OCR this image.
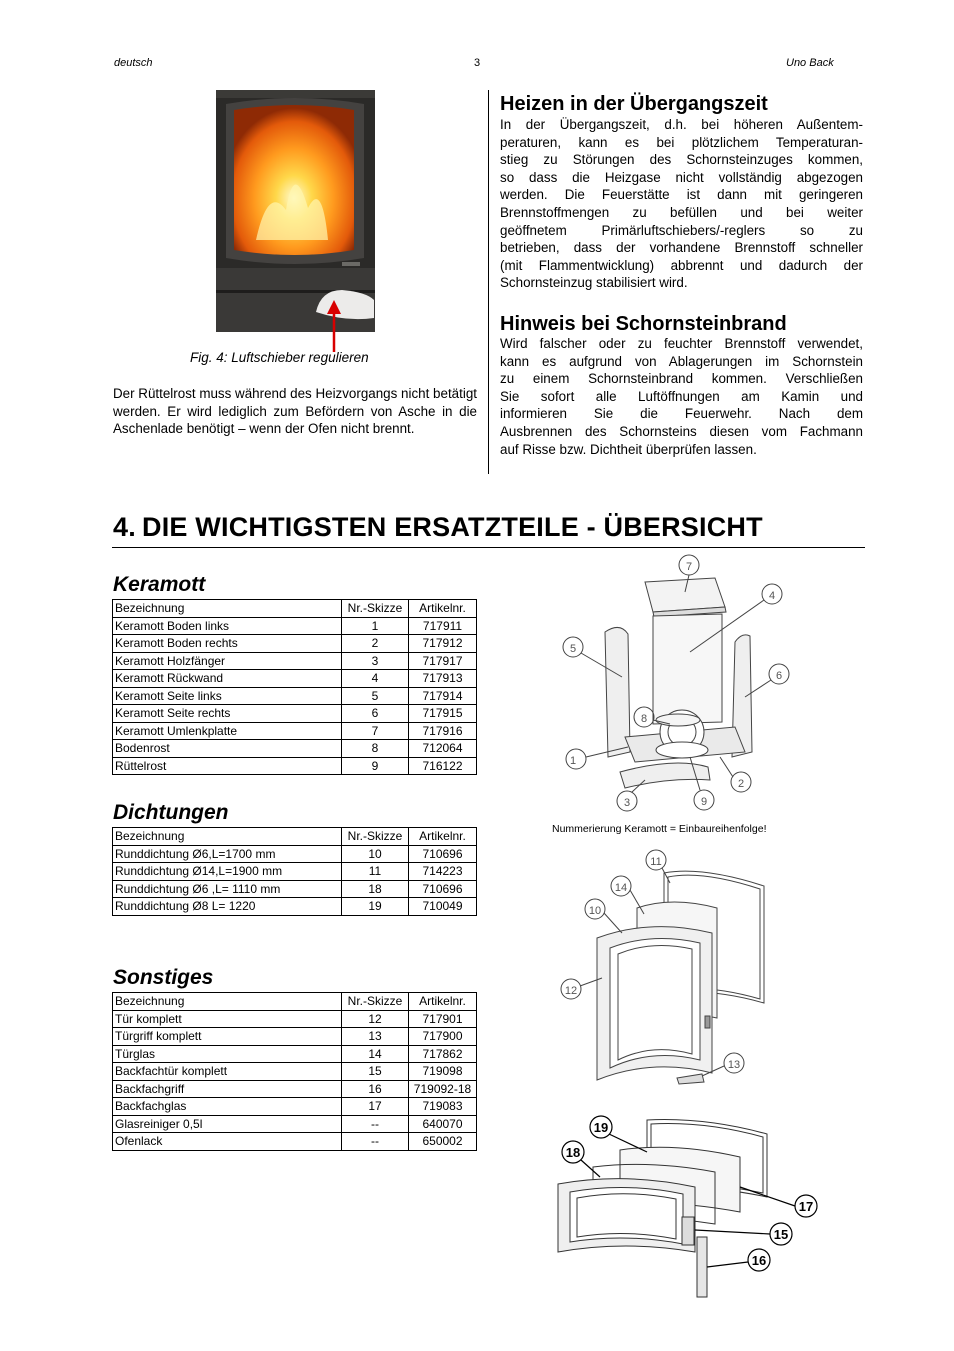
deutsch	3	Uno Back
Fig. 4: Luftschieber regulieren
Der Rüttelrost muss während des Heizvorgangs nicht betätigt werden. Er wird lediglich zum Befördern von Asche in die Aschenlade benötigt – wenn der Ofen nicht brennt.
Heizen in der Übergangszeit
In der Übergangszeit, d.h. bei höheren Außentem-
peraturen, kann es bei plötzlichem Temperaturan-
stieg zu Störungen des Schornsteinzuges kommen,
so dass die Heizgase nicht vollständig abgezogen
werden. Die Feuerstätte ist dann mit geringeren
Brennstoffmengen zu befüllen und bei weiter
geöffnetem Primärluftschiebers/-reglers so zu
betrieben, dass der vorhandene Brennstoff schneller
(mit Flammentwicklung) abbrennt und dadurch der
Schornsteinzug stabilisiert wird.
Hinweis bei Schornsteinbrand
Wird falscher oder zu feuchter Brennstoff verwendet,
kann es aufgrund von Ablagerungen im Schornstein
zu einem Schornsteinbrand kommen. Verschließen
Sie sofort alle Luftöffnungen am Kamin und
informieren Sie die Feuerwehr. Nach dem
Ausbrennen des Schornsteins diesen vom Fachmann
auf Risse bzw. Dichtheit überprüfen lassen.
4. DIE WICHTIGSTEN ERSATZTEILE - ÜBERSICHT
Keramott
Bezeichnung	Nr.-Skizze	Artikelnr.
Keramott Boden links	1	717911
Keramott Boden rechts	2	717912
Keramott Holzfänger	3	717917
Keramott Rückwand	4	717913
Keramott Seite links	5	717914
Keramott Seite rechts	6	717915
Keramott Umlenkplatte	7	717916
Bodenrost	8	712064
Rüttelrost	9	716122
Dichtungen
Bezeichnung	Nr.-Skizze	Artikelnr.
Runddichtung Ø6,L=1700 mm	10	710696
Runddichtung Ø14,L=1900 mm	11	714223
Runddichtung Ø6 ,L= 1110 mm	18	710696
Runddichtung Ø8 L= 1220	19	710049
Sonstiges
Bezeichnung	Nr.-Skizze	Artikelnr.
Tür komplett	12	717901
Türgriff komplett	13	717900
Türglas	14	717862
Backfachtür komplett	15	719098
Backfachgriff	16	719092-18
Backfachglas	17	719083
Glasreiniger 0,5l	--	640070
Ofenlack	--	650002
1
2
3
4
5
6
7
8
9
Nummerierung Keramott = Einbaureihenfolge!
10
11
12
13
14
15
16
17
18
19
